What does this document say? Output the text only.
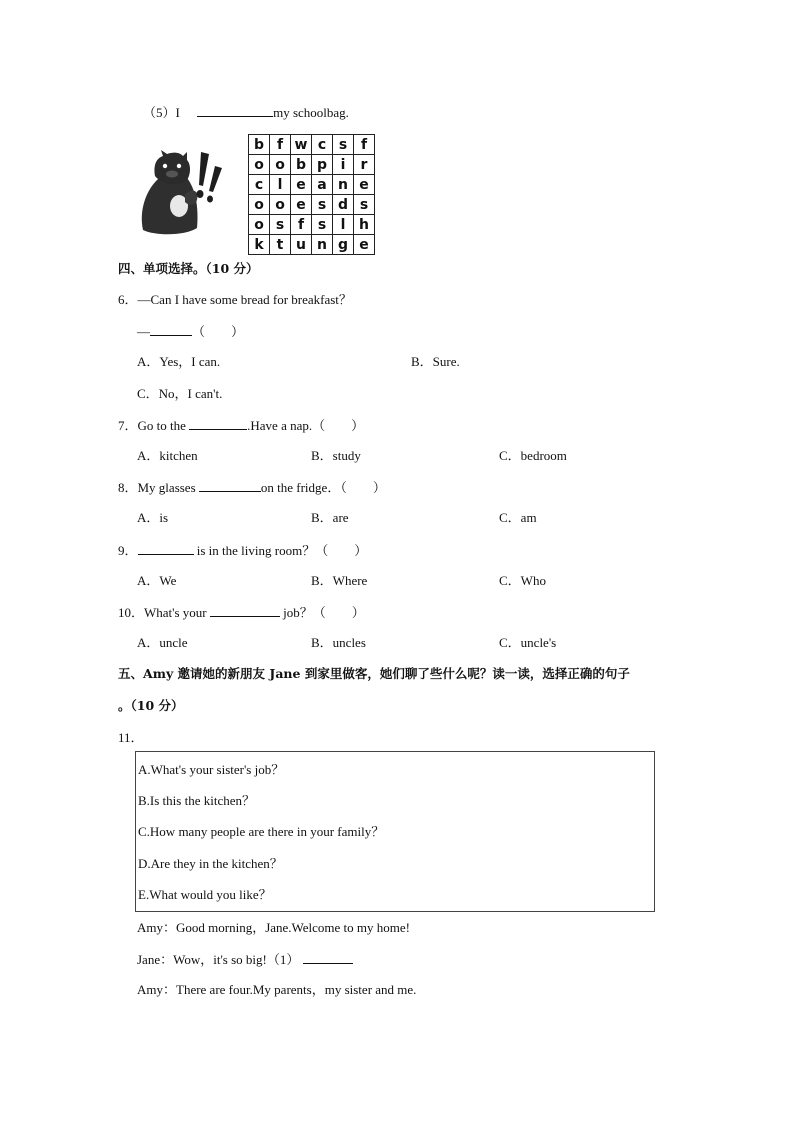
（5）I	my schoolbag.
b	f	w	c	s	f
o	o	b	p	i	r
c	l	e	a	n	e
o	o	e	s	d	s
o	s	f	s	l	h
k	t	u	n	g	e
四、单项选择。（10 分）
6．—Can I have some bread for breakfast？
—	（　　）
A．Yes，I can.	B．Sure.
C．No，I can't.
7．Go to the	.Have a nap.（　　）
A．kitchen	B．study	C．bedroom
8．My glasses	on the fridge．（　　）
A．is	B．are	C．am
9．	is in the living room？（　　）
A．We	B．Where	C．Who
10．What's your	job？（　　）
A．uncle	B．uncles	C．uncle's
五、Amy 邀请她的新朋友 Jane 到家里做客，她们聊了些什么呢？读一读，选择正确的句子
。（10 分）
11．
A.What's your sister's job？
B.Is this the kitchen？
C.How many people are there in your family？
D.Are they in the kitchen？
E.What would you like？
Amy：Good morning，Jane.Welcome to my home!
Jane：Wow，it's so big!（1）
Amy：There are four.My parents，my sister and me.
